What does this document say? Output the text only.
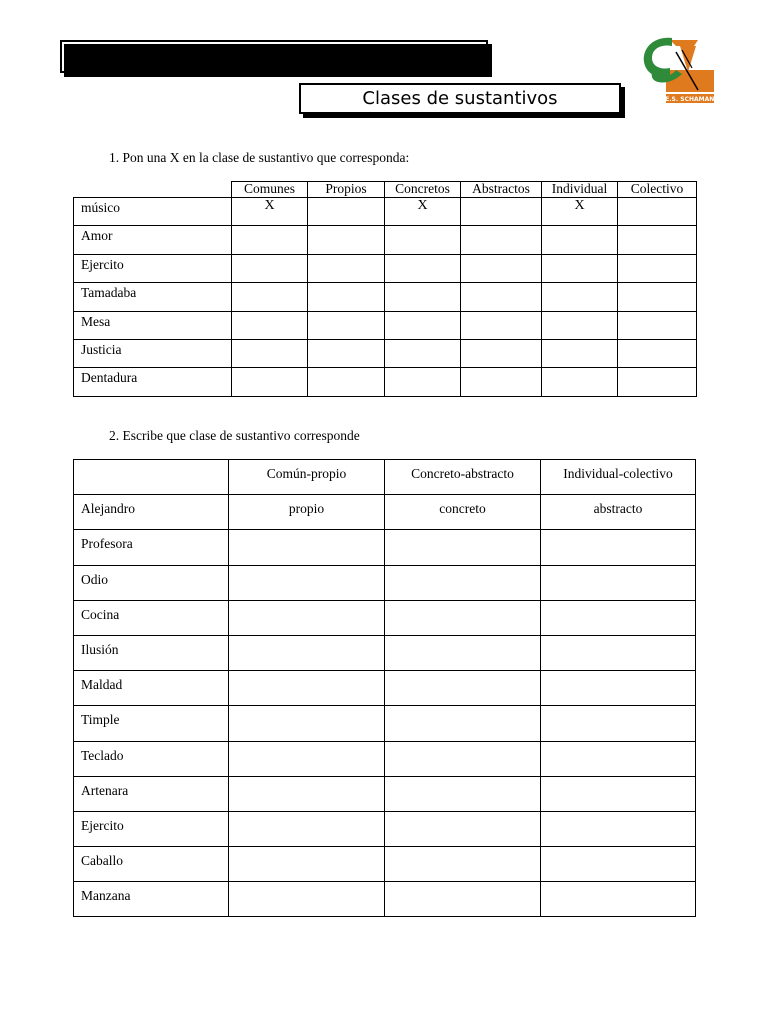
FICHA DE ACTIVIDADES DE GRAMÁTICA
Clases de sustantivos	I.E.S. SCHAMANN
1. Pon una X en la clase de sustantivo que corresponda:
	Comunes	Propios	Concretos	Abstractos	Individual	Colectivo
músico	X		X		X	
Amor						
Ejercito						
Tamadaba						
Mesa						
Justicia						
Dentadura						
2. Escribe que clase de sustantivo corresponde
	Común-propio	Concreto-abstracto	Individual-colectivo
Alejandro	propio	concreto	abstracto
Profesora			
Odio			
Cocina			
Ilusión			
Maldad			
Timple			
Teclado			
Artenara			
Ejercito			
Caballo			
Manzana			
